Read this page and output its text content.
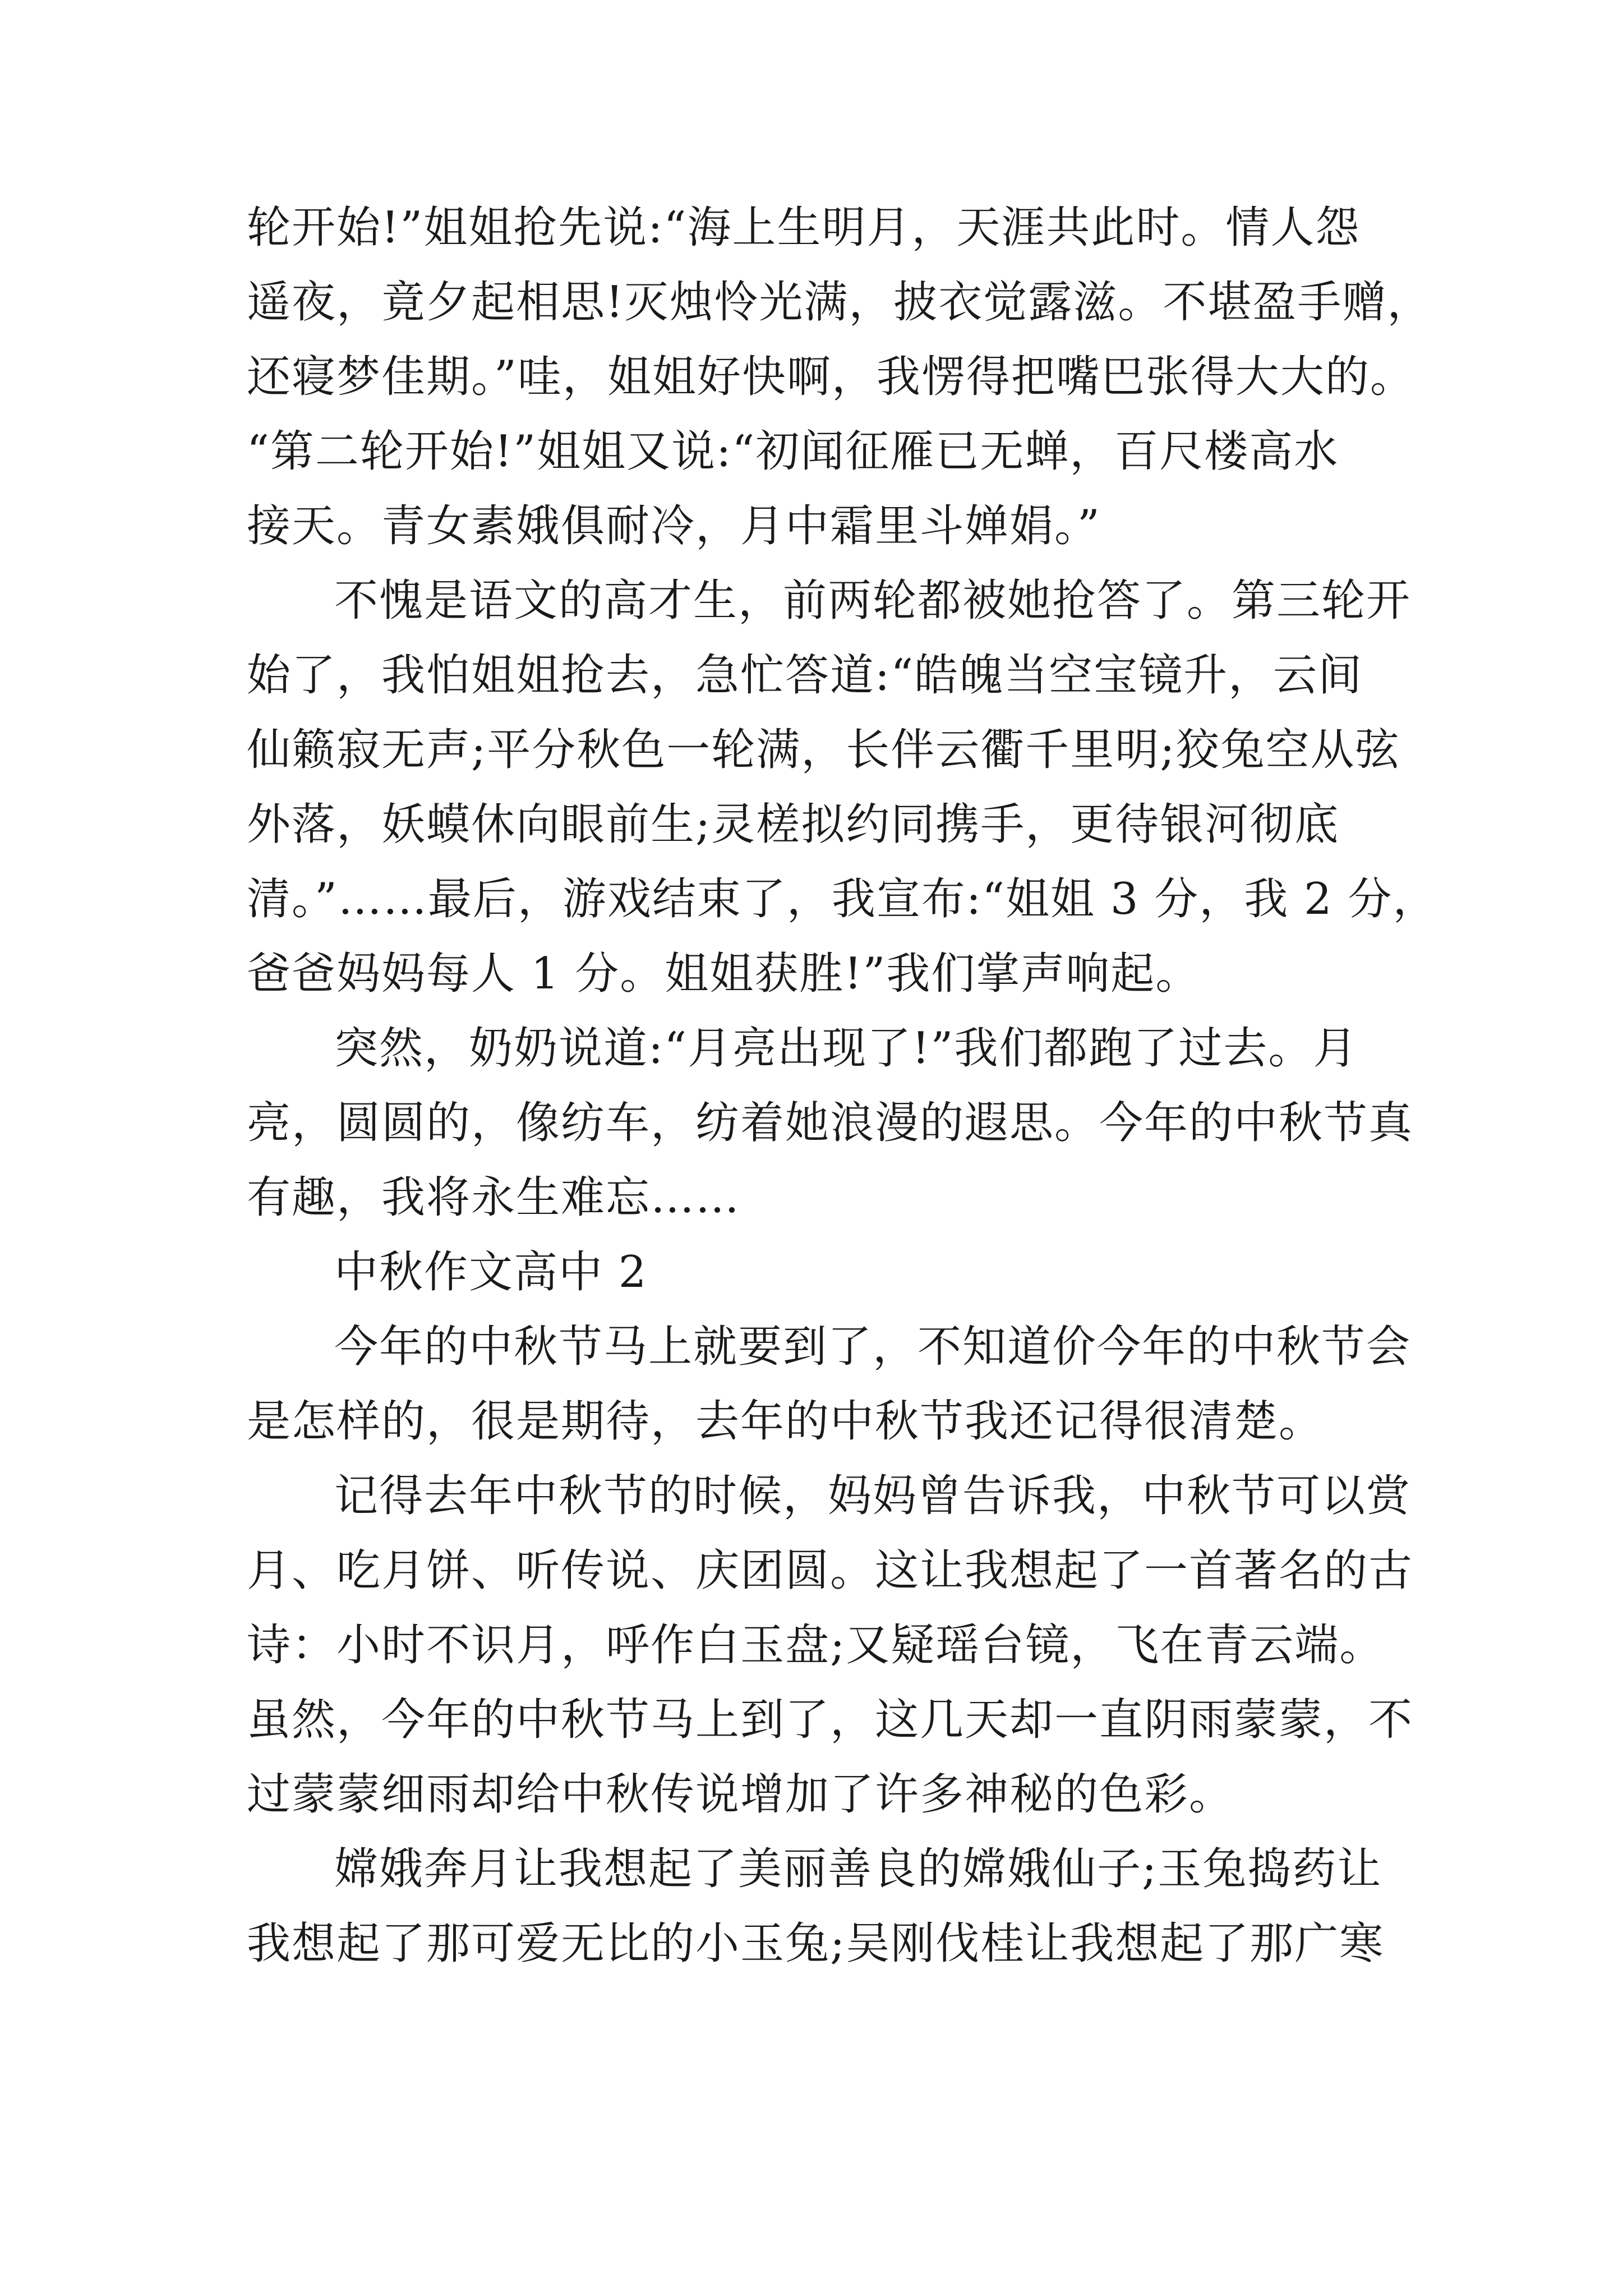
轮开始!”姐姐抢先说:“海上生明月，天涯共此时。情人怨
遥夜，竟夕起相思!灭烛怜光满，披衣觉露滋。不堪盈手赠，
还寝梦佳期。”哇，姐姐好快啊，我愣得把嘴巴张得大大的。
“第二轮开始!”姐姐又说:“初闻征雁已无蝉，百尺楼高水
接天。青女素娥俱耐冷，月中霜里斗婵娟。”
不愧是语文的高才生，前两轮都被她抢答了。第三轮开
始了，我怕姐姐抢去，急忙答道:“皓魄当空宝镜升，云间
仙籁寂无声;平分秋色一轮满，长伴云衢千里明;狡兔空从弦
外落，妖蟆休向眼前生;灵槎拟约同携手，更待银河彻底
清。”……最后，游戏结束了，我宣布:“姐姐 3 分，我 2 分，
爸爸妈妈每人 1 分。姐姐获胜!”我们掌声响起。
突然，奶奶说道:“月亮出现了!”我们都跑了过去。月
亮，圆圆的，像纺车，纺着她浪漫的遐思。今年的中秋节真
有趣，我将永生难忘……
中秋作文高中 2
今年的中秋节马上就要到了，不知道价今年的中秋节会
是怎样的，很是期待，去年的中秋节我还记得很清楚。
记得去年中秋节的时候，妈妈曾告诉我，中秋节可以赏
月、吃月饼、听传说、庆团圆。这让我想起了一首著名的古
诗：小时不识月，呼作白玉盘;又疑瑶台镜，飞在青云端。
虽然，今年的中秋节马上到了，这几天却一直阴雨蒙蒙，不
过蒙蒙细雨却给中秋传说增加了许多神秘的色彩。
嫦娥奔月让我想起了美丽善良的嫦娥仙子;玉兔捣药让
我想起了那可爱无比的小玉兔;吴刚伐桂让我想起了那广寒
